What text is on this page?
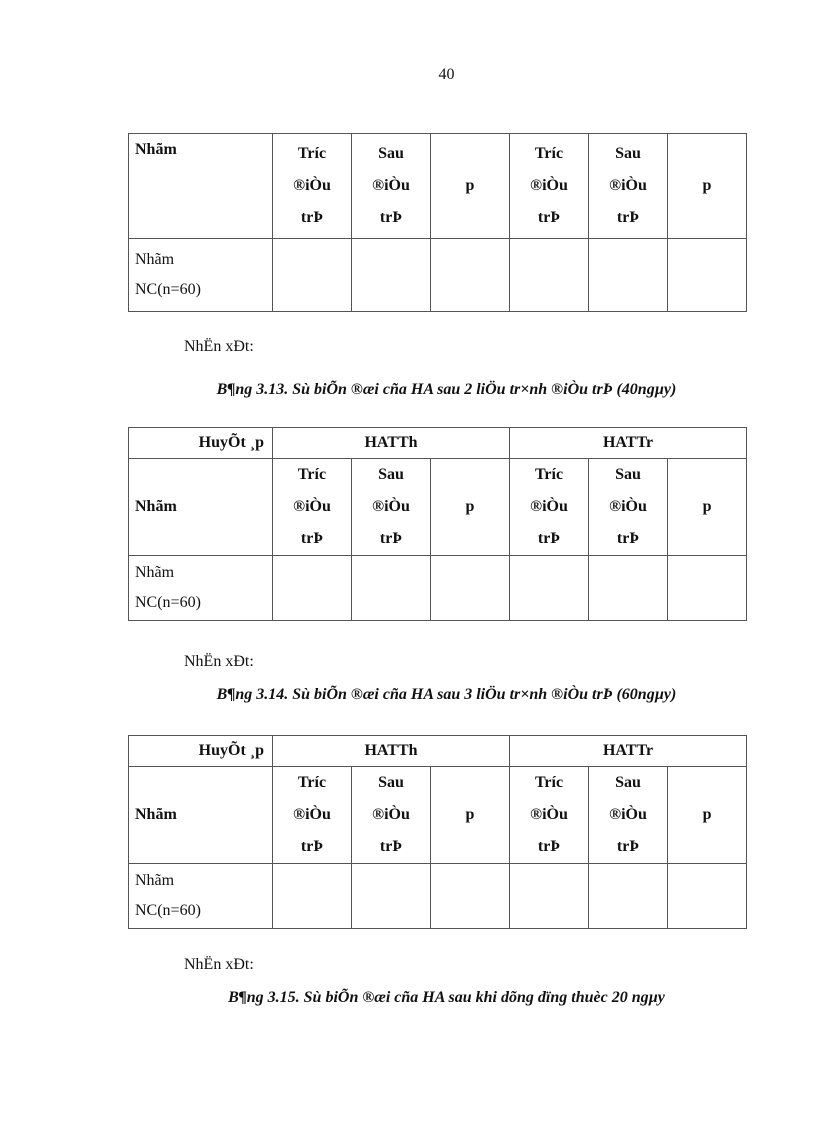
40
Nhãm	Tríc
®iÒu
trÞ	Sau
®iÒu
trÞ	p	Tríc
®iÒu
trÞ	Sau
®iÒu
trÞ	p

Nhãm
NC(n=60)						

NhËn xÐt:
B¶ng 3.13. Sù biÕn ®æi cña HA sau 2 liÖu tr×nh ®iÒu trÞ (40ngµy)
HuyÕt ¸p	HATTh			HATTr		
Nhãm	Tríc
®iÒu
trÞ	Sau
®iÒu
trÞ	p	Tríc
®iÒu
trÞ	Sau
®iÒu
trÞ	p

Nhãm
NC(n=60)						

NhËn xÐt:
B¶ng 3.14. Sù biÕn ®æi cña HA sau 3 liÖu tr×nh ®iÒu trÞ (60ngµy)
HuyÕt ¸p	HATTh			HATTr		
Nhãm	Tríc
®iÒu
trÞ	Sau
®iÒu
trÞ	p	Tríc
®iÒu
trÞ	Sau
®iÒu
trÞ	p

Nhãm
NC(n=60)						

NhËn xÐt:
B¶ng 3.15. Sù biÕn ®æi cña HA sau khi dõng dïng thuèc 20 ngµy
